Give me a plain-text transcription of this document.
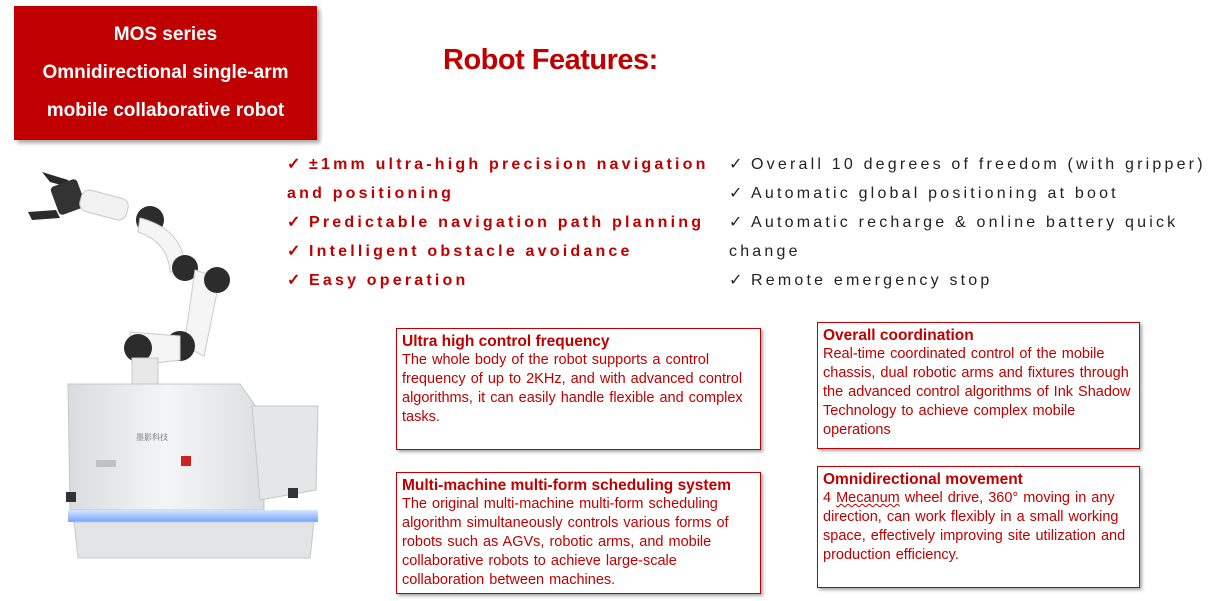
MOS series
Omnidirectional single-arm
mobile collaborative robot
Robot Features:
✓ ±1mm ultra-high precision navigation and positioning
✓ Predictable navigation path planning
✓ Intelligent obstacle avoidance
✓ Easy operation
✓ Overall 10 degrees of freedom (with gripper)
✓ Automatic global positioning at boot
✓ Automatic recharge & online battery quick change
✓ Remote emergency stop
Ultra high control frequency
The whole body of the robot supports a control frequency of up to 2KHz, and with advanced control algorithms, it can easily handle flexible and complex tasks.
Multi-machine multi-form scheduling system
The original multi-machine multi-form scheduling algorithm simultaneously controls various forms of robots such as AGVs, robotic arms, and mobile collaborative robots to achieve large-scale collaboration between machines.
Overall coordination
Real-time coordinated control of the mobile chassis, dual robotic arms and fixtures through the advanced control algorithms of Ink Shadow Technology to achieve complex mobile operations
Omnidirectional movement
4 Mecanum wheel drive, 360° moving in any direction, can work flexibly in a small working space, effectively improving site utilization and production efficiency.
墨影科技
